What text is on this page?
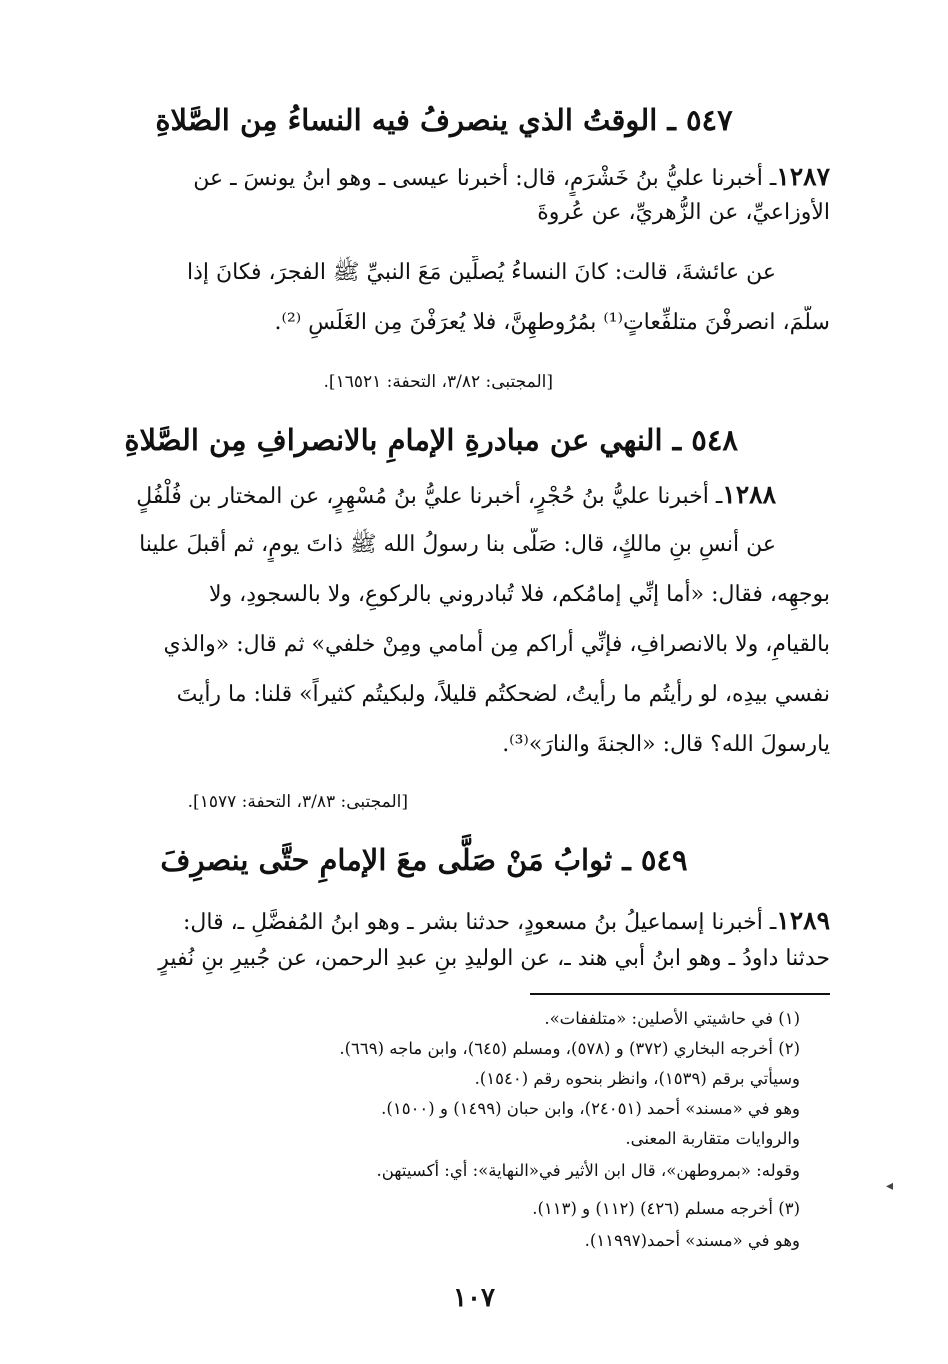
٥٤٧ ـ الوقتُ الذي ينصرفُ فيه النساءُ مِن الصَّلاةِ
١٢٨٧ـ أخبرنا عليُّ بنُ خَشْرَمٍ، قال: أخبرنا عيسى ـ وهو ابنُ يونسَ ـ عن
الأوزاعيِّ، عن الزُّهريِّ، عن عُروةَ
عن عائشةَ، قالت: كانَ النساءُ يُصلِّين مَعَ النبيِّ ﷺ الفجرَ، فكانَ إذا
سلَّمَ، انصرفْنَ متلفِّعاتٍ⁽¹⁾ بمُرُوطهِنَّ، فلا يُعرَفْنَ مِن الغَلَسِ ⁽²⁾.
[المجتبى: ٣/٨٢، التحفة: ١٦٥٢١].
٥٤٨ ـ النهي عن مبادرةِ الإمامِ بالانصرافِ مِن الصَّلاةِ
١٢٨٨ـ أخبرنا عليُّ بنُ حُجْرٍ، أخبرنا عليُّ بنُ مُسْهِرٍ، عن المختار بن فُلْفُلٍ
عن أنسِ بنِ مالكٍ، قال: صَلَّى بنا رسولُ الله ﷺ ذاتَ يومٍ، ثم أقبلَ علينا
بوجهِه، فقال: «أما إنِّي إمامُكم، فلا تُبادروني بالركوعِ، ولا بالسجودِ، ولا
بالقيامِ، ولا بالانصرافِ، فإنِّي أراكم مِن أمامي ومِنْ خلفي» ثم قال: «والذي
نفسي بيدِه، لو رأيتُم ما رأيتُ، لضحكتُم قليلاً، ولبكيتُم كثيراً» قلنا: ما رأيتَ
يارسولَ الله؟ قال: «الجنةَ والنارَ»⁽³⁾.
[المجتبى: ٣/٨٣، التحفة: ١٥٧٧].
٥٤٩ ـ ثوابُ مَنْ صَلَّى معَ الإمامِ حتَّى ينصرِفَ
١٢٨٩ـ أخبرنا إسماعيلُ بنُ مسعودٍ، حدثنا بشر ـ وهو ابنُ المُفضَّلِ ـ، قال:
حدثنا داودُ ـ وهو ابنُ أبي هند ـ، عن الوليدِ بنِ عبدِ الرحمن، عن جُبيرِ بنِ نُفيرٍ
(١) في حاشيتي الأصلين: «متلففات».
(٢) أخرجه البخاري (٣٧٢) و (٥٧٨)، ومسلم (٦٤٥)، وابن ماجه (٦٦٩).
وسيأتي برقم (١٥٣٩)، وانظر بنحوه رقم (١٥٤٠).
وهو في «مسند» أحمد (٢٤٠٥١)، وابن حبان (١٤٩٩) و (١٥٠٠).
والروايات متقاربة المعنى.
وقوله: «بمروطهن»، قال ابن الأثير في«النهاية»: أي: أكسيتهن.
(٣) أخرجه مسلم (٤٢٦) (١١٢) و (١١٣).
وهو في «مسند» أحمد(١١٩٩٧).
◂
١٠٧
